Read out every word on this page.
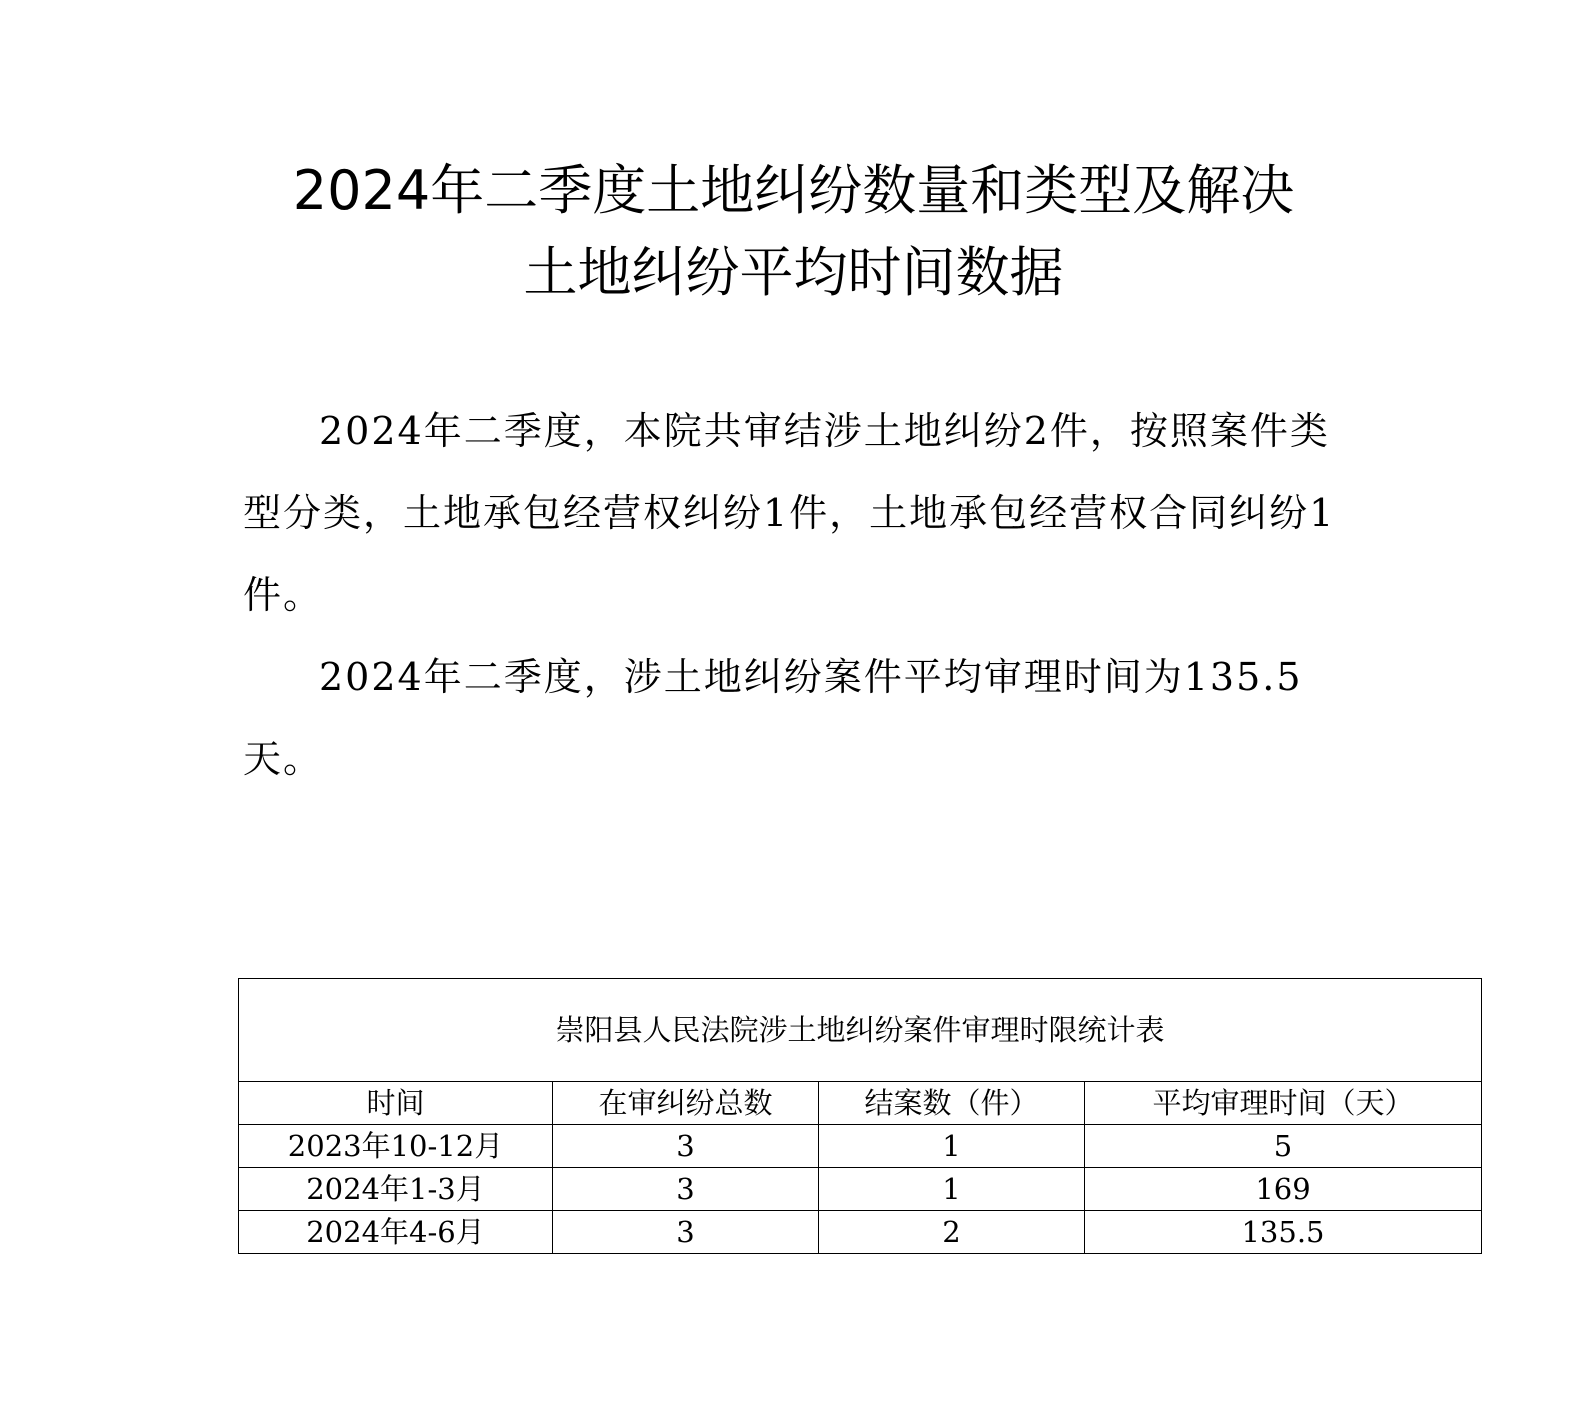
2024年二季度土地纠纷数量和类型及解决
土地纠纷平均时间数据

2024年二季度，本院共审结涉土地纠纷2件，按照案件类型分类，土地承包经营权纠纷1件，土地承包经营权合同纠纷1件。

2024年二季度，涉土地纠纷案件平均审理时间为135.5天。

崇阳县人民法院涉土地纠纷案件审理时限统计表			
时间	在审纠纷总数	结案数（件）	平均审理时间（天）
2023年10-12月	3	1	5
2024年1-3月	3	1	169
2024年4-6月	3	2	135.5
